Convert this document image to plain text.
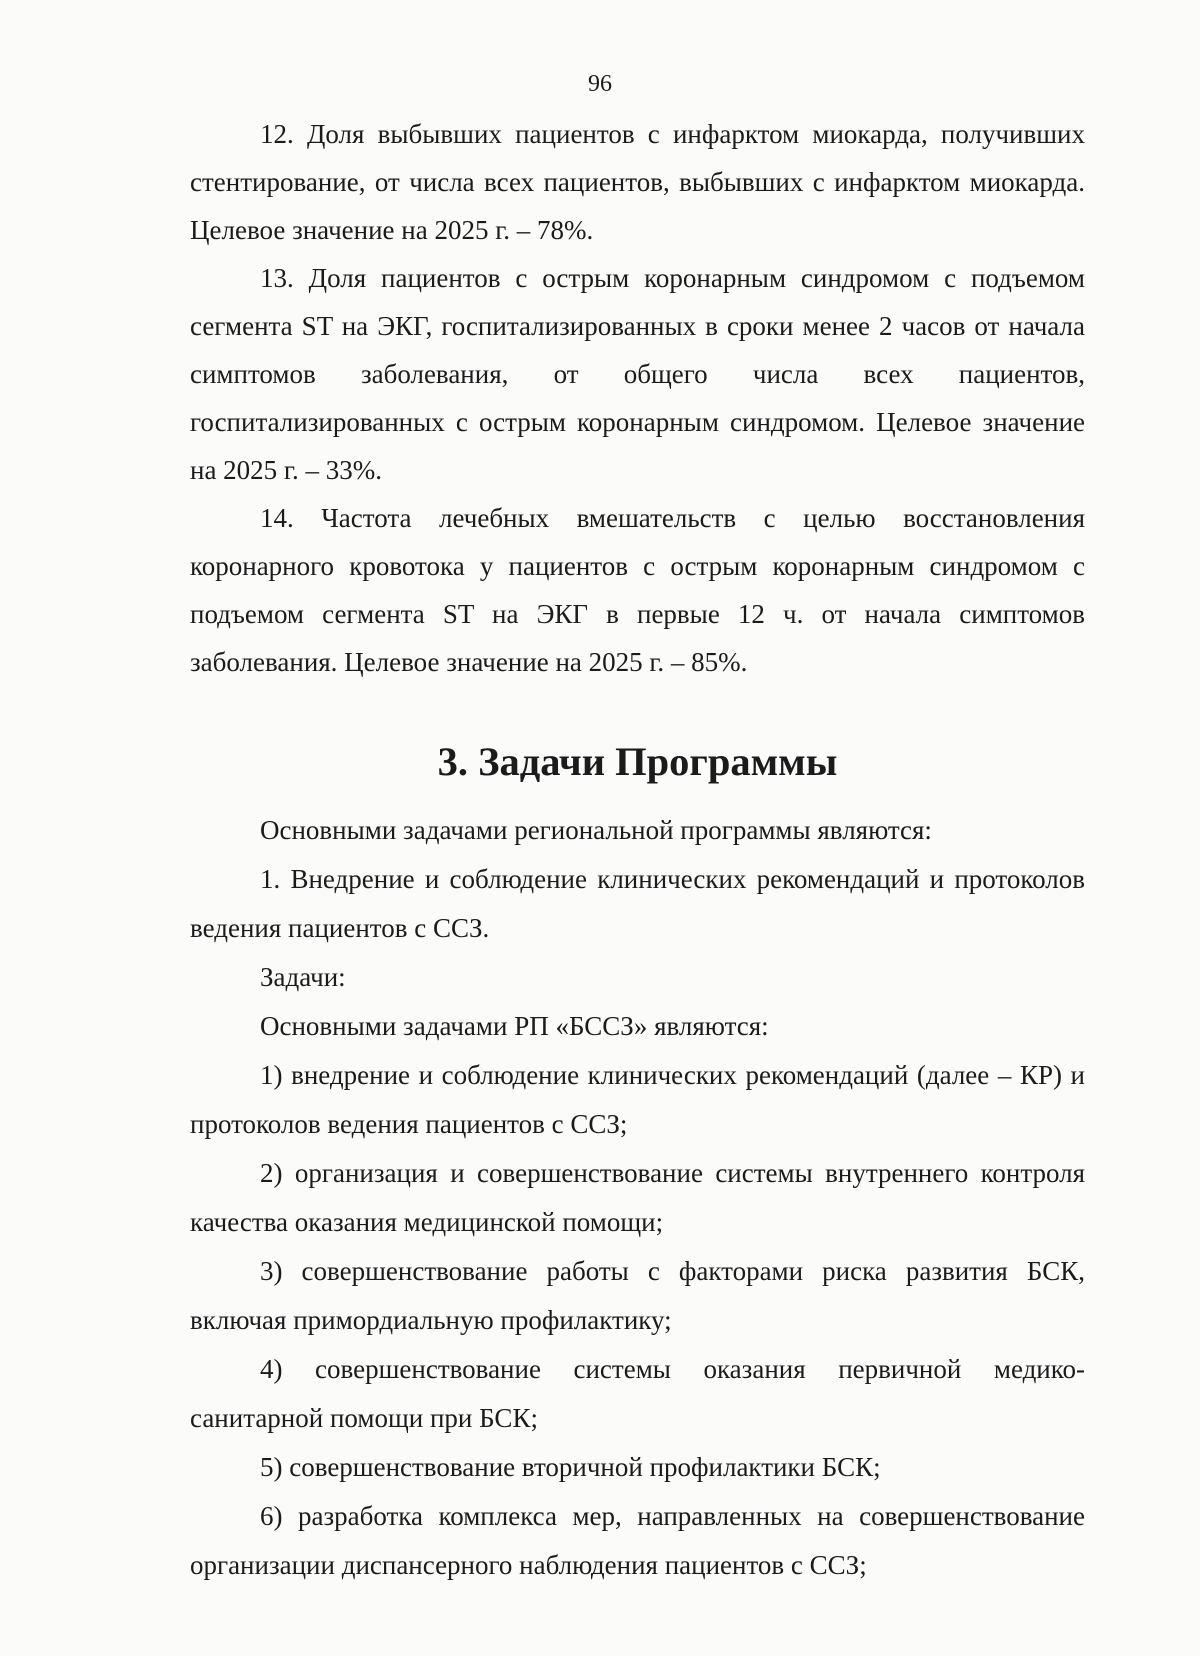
96

12. Доля выбывших пациентов с инфарктом миокарда, получивших стентирование, от числа всех пациентов, выбывших с инфарктом миокарда. Целевое значение на 2025 г. – 78%.

13. Доля пациентов с острым коронарным синдромом с подъемом сегмента ST на ЭКГ, госпитализированных в сроки менее 2 часов от начала симптомов заболевания, от общего числа всех пациентов, госпитализированных с острым коронарным синдромом. Целевое значение на 2025 г. – 33%.

14. Частота лечебных вмешательств с целью восстановления коронарного кровотока у пациентов с острым коронарным синдромом с подъемом сегмента ST на ЭКГ в первые 12 ч. от начала симптомов заболевания. Целевое значение на 2025 г. – 85%.

3. Задачи Программы

Основными задачами региональной программы являются:

1. Внедрение и соблюдение клинических рекомендаций и протоколов ведения пациентов с ССЗ.

Задачи:

Основными задачами РП «БССЗ» являются:

1) внедрение и соблюдение клинических рекомендаций (далее – КР) и протоколов ведения пациентов с ССЗ;

2) организация и совершенствование системы внутреннего контроля качества оказания медицинской помощи;

3) совершенствование работы с факторами риска развития БСК, включая примордиальную профилактику;

4) совершенствование системы оказания первичной медико-санитарной помощи при БСК;

5) совершенствование вторичной профилактики БСК;

6) разработка комплекса мер, направленных на совершенствование организации диспансерного наблюдения пациентов с ССЗ;
